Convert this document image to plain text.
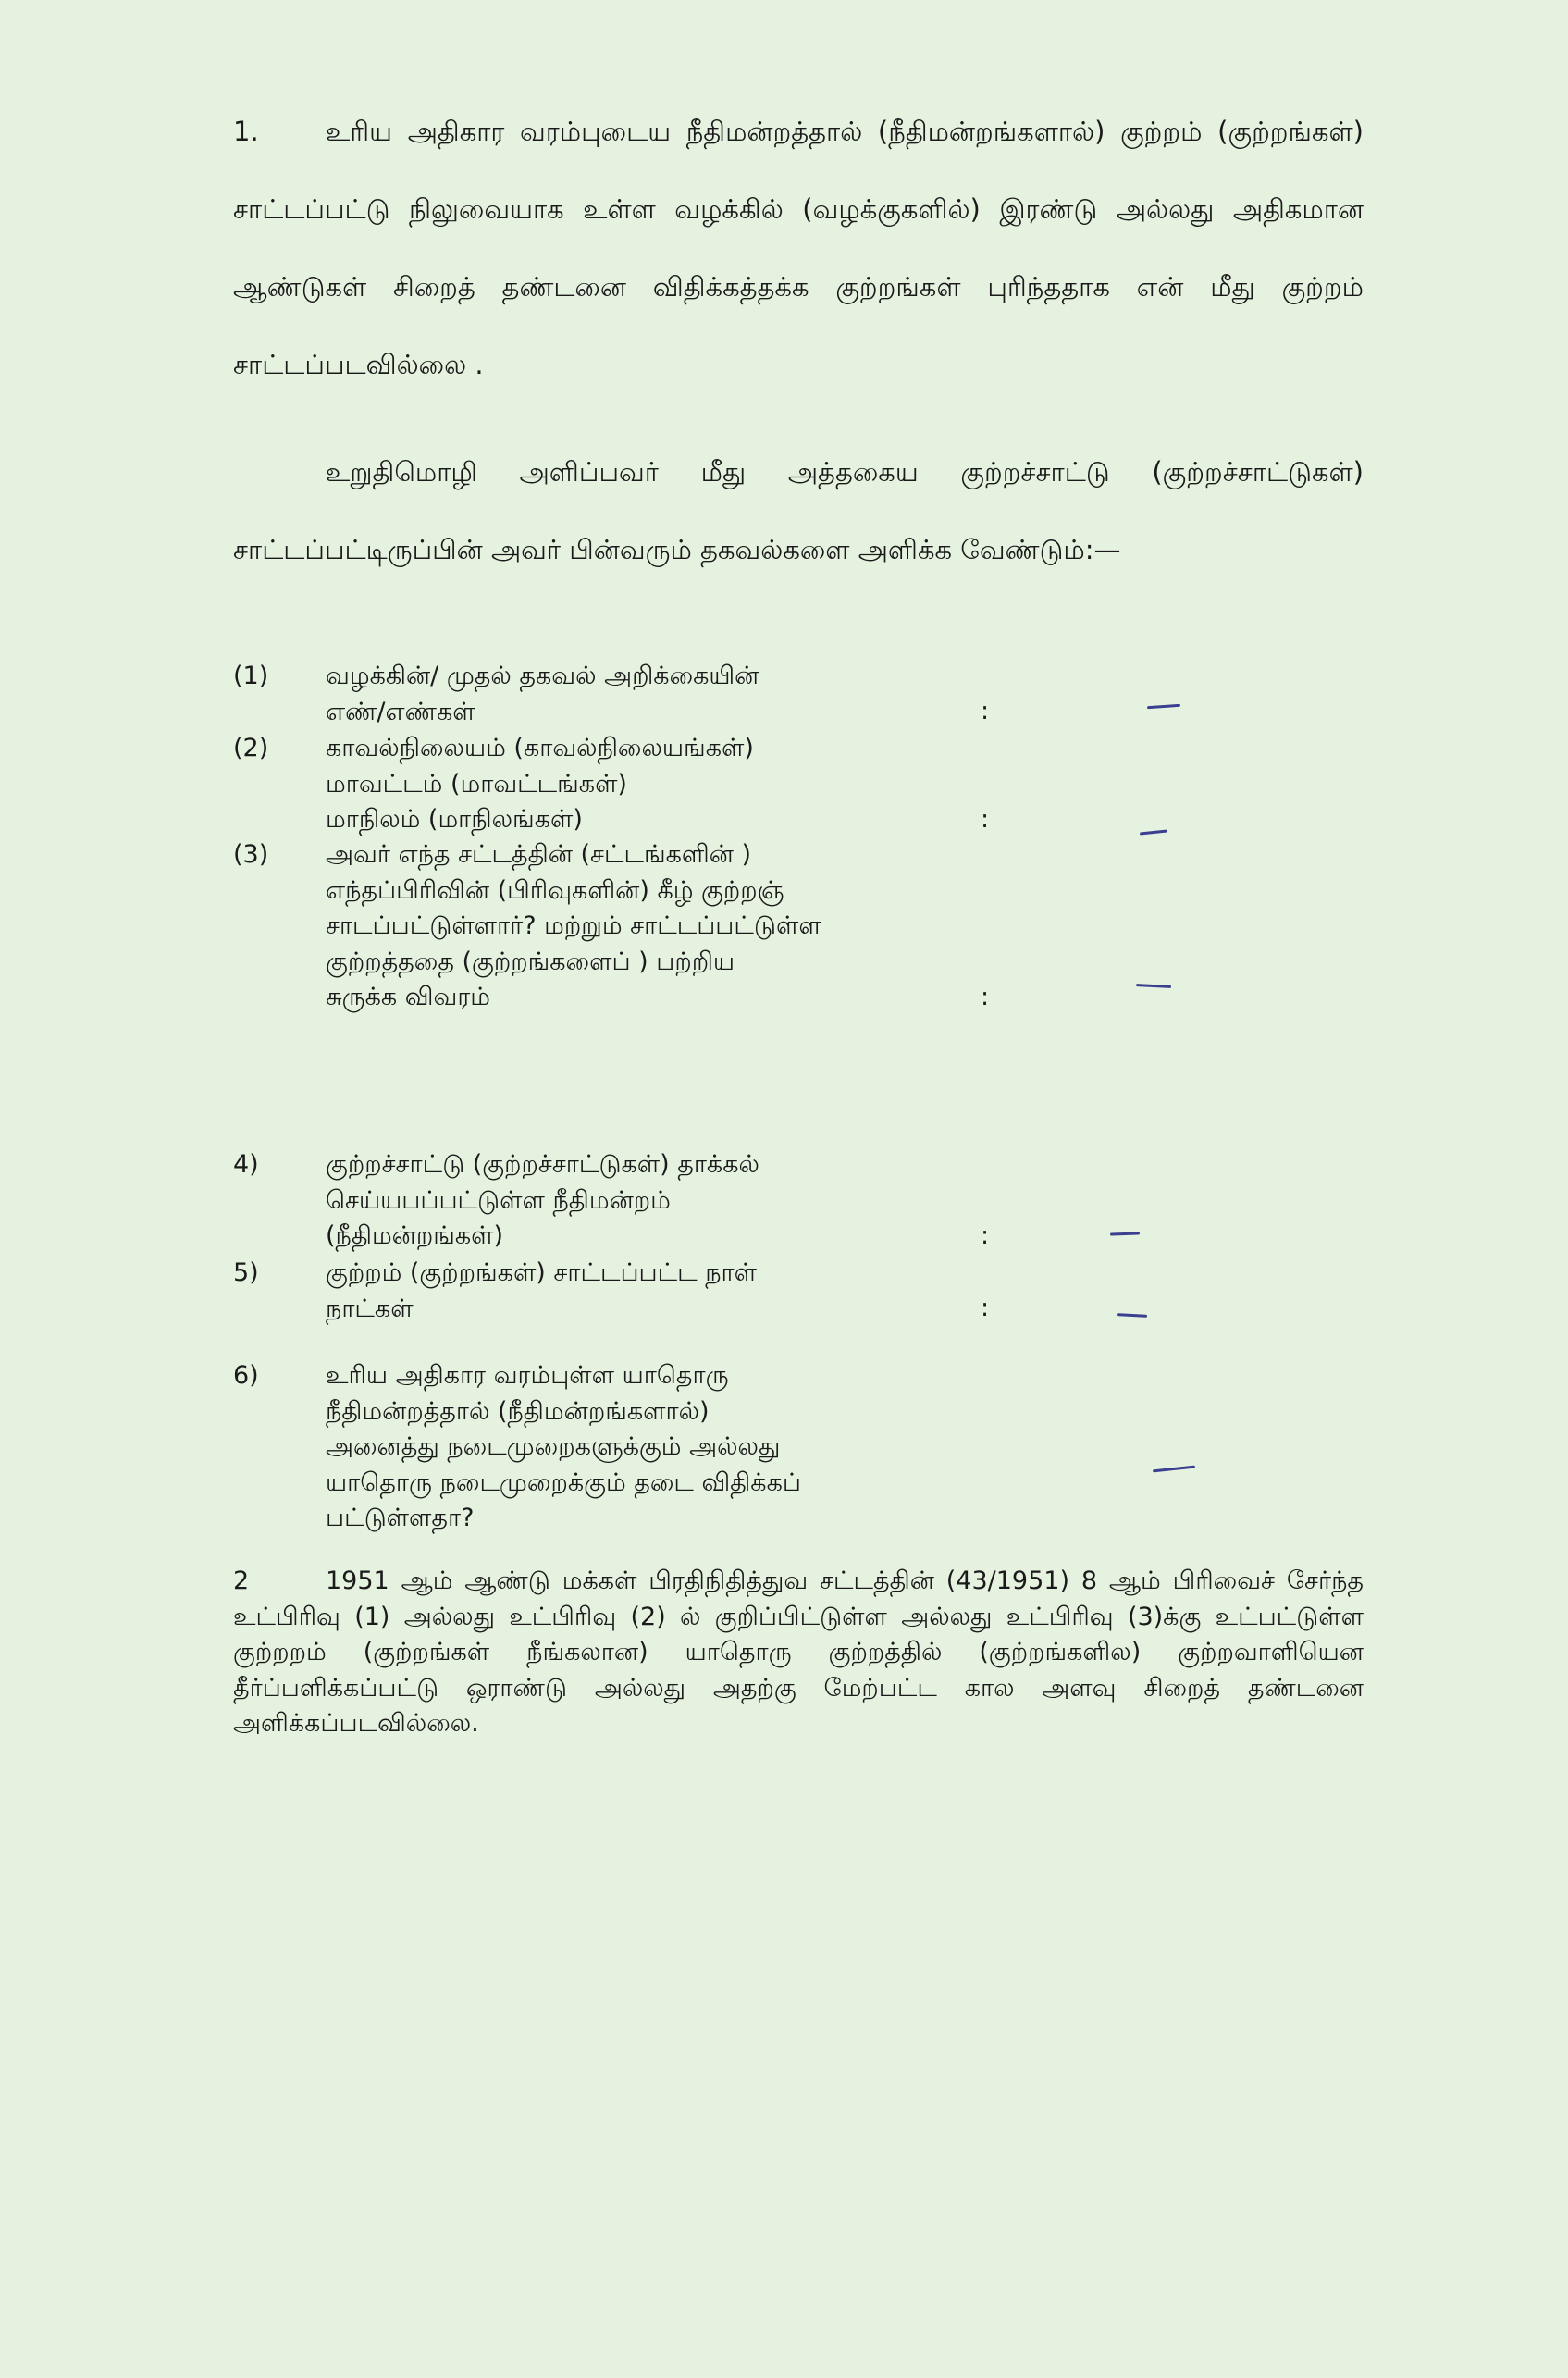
1. உரிய அதிகார வரம்புடைய நீதிமன்றத்தால் (நீதிமன்றங்களால்) குற்றம் (குற்றங்கள்) சாட்டப்பட்டு நிலுவையாக உள்ள வழக்கில் (வழக்குகளில்) இரண்டு அல்லது அதிகமான ஆண்டுகள் சிறைத் தண்டனை விதிக்கத்தக்க குற்றங்கள் புரிந்ததாக என் மீது குற்றம் சாட்டப்படவில்லை .
உறுதிமொழி அளிப்பவர் மீது அத்தகைய குற்றச்சாட்டு (குற்றச்சாட்டுகள்) சாட்டப்பட்டிருப்பின் அவர் பின்வரும் தகவல்களை அளிக்க வேண்டும்:—
(1) வழக்கின்/ முதல் தகவல் அறிக்கையின்
எண்/எண்கள்	:
(2) காவல்நிலையம் (காவல்நிலையங்கள்)
மாவட்டம் (மாவட்டங்கள்)
மாநிலம் (மாநிலங்கள்)	:
(3) அவர் எந்த சட்டத்தின் (சட்டங்களின் )
எந்தப்பிரிவின் (பிரிவுகளின்) கீழ் குற்றஞ்
சாடப்பட்டுள்ளார்? மற்றும் சாட்டப்பட்டுள்ள
குற்றத்ததை (குற்றங்களைப் ) பற்றிய
சுருக்க விவரம்	:
4)	குற்றச்சாட்டு (குற்றச்சாட்டுகள்) தாக்கல்
செய்யபப்பட்டுள்ள நீதிமன்றம்
(நீதிமன்றங்கள்)	:
5)	குற்றம் (குற்றங்கள்) சாட்டப்பட்ட நாள்
நாட்கள்	:
6)	உரிய அதிகார வரம்புள்ள யாதொரு
நீதிமன்றத்தால் (நீதிமன்றங்களால்)
அனைத்து நடைமுறைகளுக்கும் அல்லது
யாதொரு நடைமுறைக்கும் தடை விதிக்கப்
பட்டுள்ளதா?
2	1951 ஆம் ஆண்டு மக்கள் பிரதிநிதித்துவ சட்டத்தின் (43/1951) 8 ஆம் பிரிவைச் சேர்ந்த உட்பிரிவு (1) அல்லது உட்பிரிவு (2) ல் குறிப்பிட்டுள்ள அல்லது உட்பிரிவு (3)க்கு உட்பட்டுள்ள குற்றறம் (குற்றங்கள் நீங்கலான) யாதொரு குற்றத்தில் (குற்றங்களில) குற்றவாளியென தீர்ப்பளிக்கப்பட்டு ஒராண்டு அல்லது அதற்கு மேற்பட்ட கால அளவு சிறைத் தண்டனை அளிக்கப்படவில்லை.
